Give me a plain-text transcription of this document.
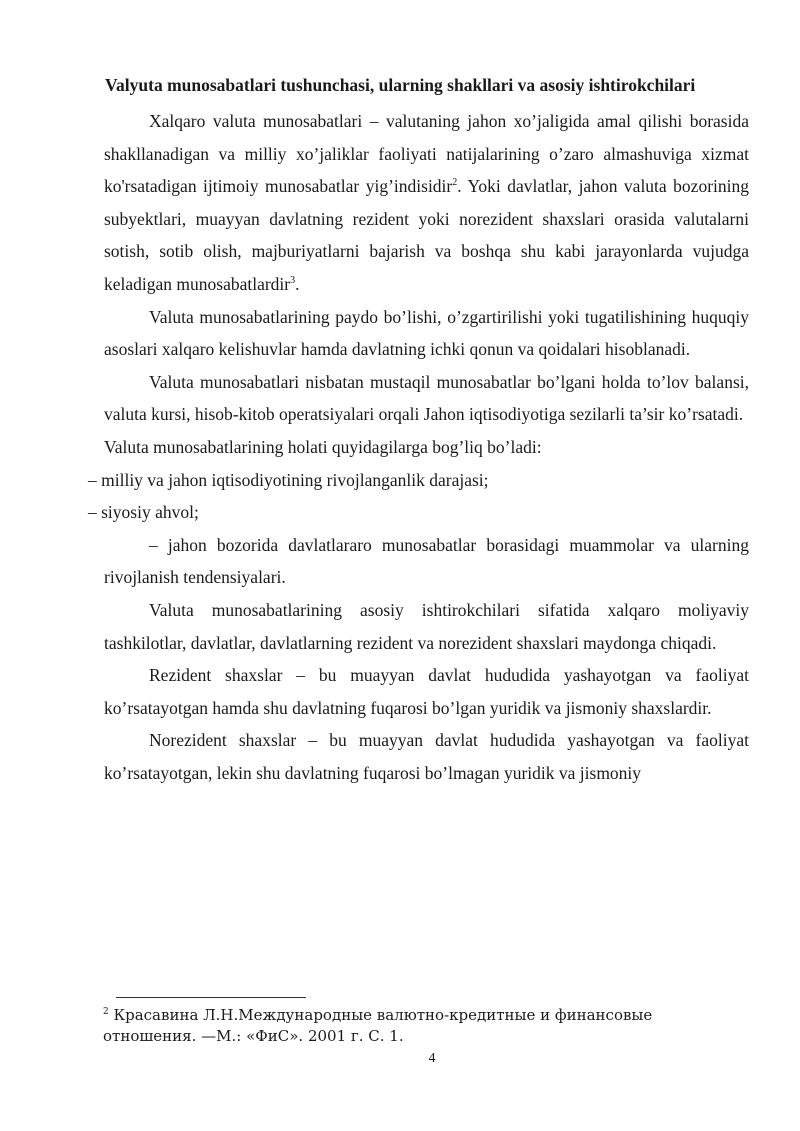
Valyuta munosabatlari tushunchasi, ularning shakllari va asosiy ishtirokchilari

Xalqaro valuta munosabatlari – valutaning jahon xo’jaligida amal qilishi borasida shakllanadigan va milliy xo’jaliklar faoliyati natijalarining o’zaro almashuviga xizmat ko'rsatadigan ijtimoiy munosabatlar yig’indisidir$^2$. Yoki davlatlar, jahon valuta bozorining subyektlari, muayyan davlatning rezident yoki norezident shaxslari orasida valutalarni sotish, sotib olish, majburiyatlarni bajarish va boshqa shu kabi jarayonlarda vujudga keladigan munosabatlardir$^3$.

Valuta munosabatlarining paydo bo’lishi, o’zgartirilishi yoki tugatilishining huquqiy asoslari xalqaro kelishuvlar hamda davlatning ichki qonun va qoidalari hisoblanadi.

Valuta munosabatlari nisbatan mustaqil munosabatlar bo’lgani holda to’lov balansi, valuta kursi, hisob-kitob operatsiyalari orqali Jahon iqtisodiyotiga sezilarli ta’sir ko’rsatadi.

Valuta munosabatlarining holati quyidagilarga bog’liq bo’ladi:

– milliy va jahon iqtisodiyotining rivojlanganlik darajasi;

– siyosiy ahvol;

– jahon bozorida davlatlararo munosabatlar borasidagi muammolar va ularning rivojlanish tendensiyalari.

Valuta munosabatlarining asosiy ishtirokchilari sifatida xalqaro moliyaviy tashkilotlar, davlatlar, davlatlarning rezident va norezident shaxslari maydonga chiqadi.

Rezident shaxslar – bu muayyan davlat hududida yashayotgan va faoliyat ko’rsatayotgan hamda shu davlatning fuqarosi bo’lgan yuridik va jismoniy shaxslardir.

Norezident shaxslar – bu muayyan davlat hududida yashayotgan va faoliyat ko’rsatayotgan, lekin shu davlatning fuqarosi bo’lmagan yuridik va jismoniy

$^2$ Красавина Л.Н.Международные валютно-кредитные и финансовые отношения. —М.: «ФиС». 2001 г. С. 1.
4
